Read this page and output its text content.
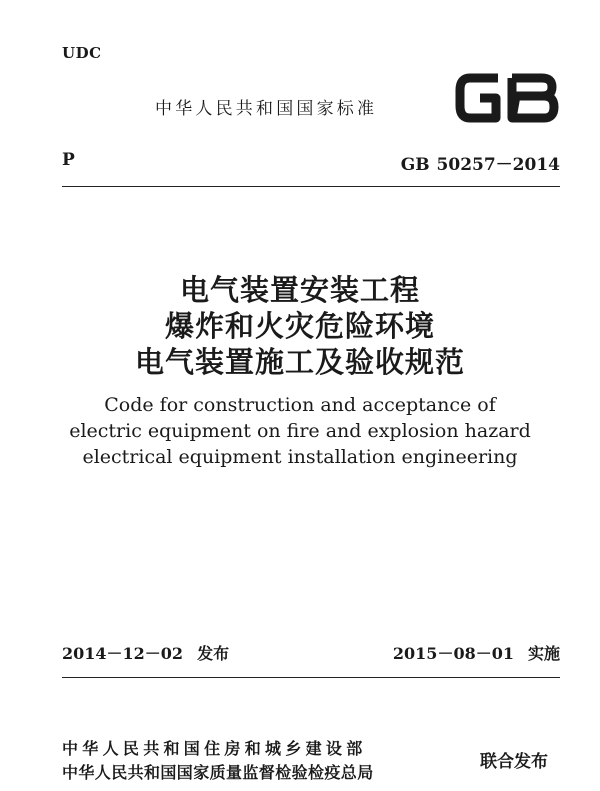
UDC
中华人民共和国国家标准	GB
P	GB 50257－2014
电气装置安装工程
爆炸和火灾危险环境
电气装置施工及验收规范
Code for construction and acceptance of
electric equipment on fire and explosion hazard
electrical equipment installation engineering
2014－12－02 发布	2015－08－01 实施
中华人民共和国住房和城乡建设部
中华人民共和国国家质量监督检验检疫总局
联合发布
